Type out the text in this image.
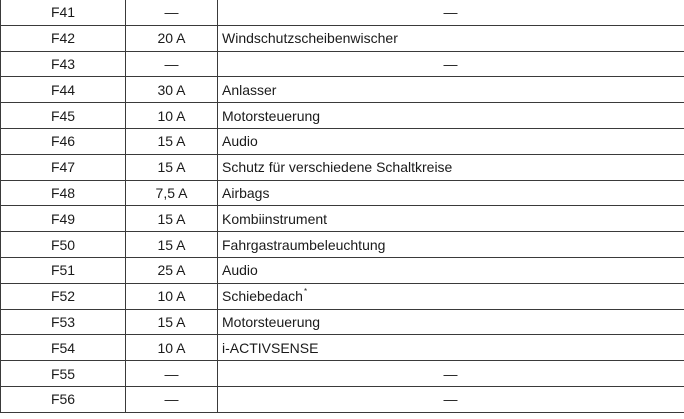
F41	—	—
F42	20 A	Windschutzscheibenwischer
F43	—	—
F44	30 A	Anlasser
F45	10 A	Motorsteuerung
F46	15 A	Audio
F47	15 A	Schutz für verschiedene Schaltkreise
F48	7,5 A	Airbags
F49	15 A	Kombiinstrument
F50	15 A	Fahrgastraumbeleuchtung
F51	25 A	Audio
F52	10 A	Schiebedach*
F53	15 A	Motorsteuerung
F54	10 A	i-ACTIVSENSE
F55	—	—
F56	—	—
